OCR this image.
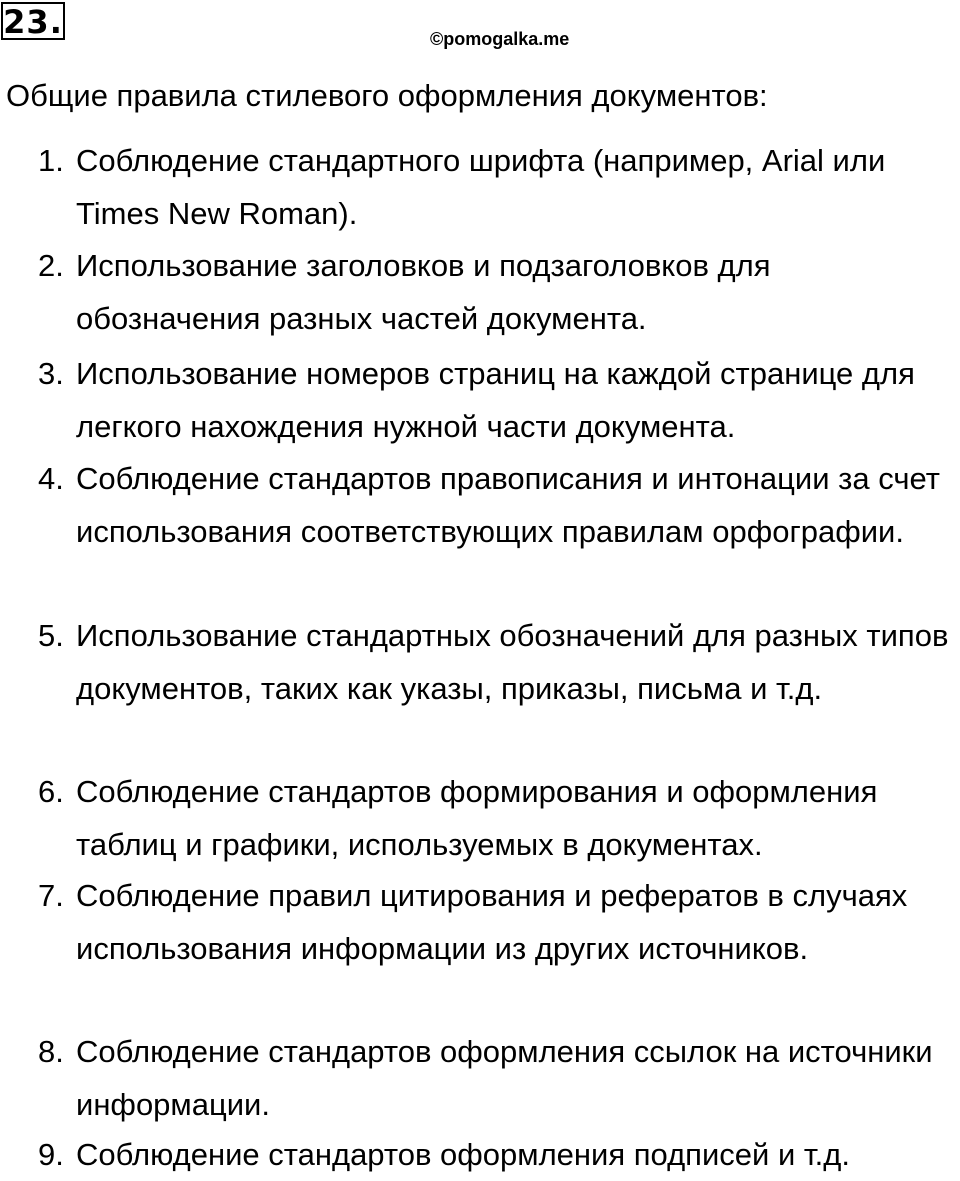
23.	©pomogalka.me
Общие правила стилевого оформления документов:
1. Соблюдение стандартного шрифта (например, Arial или Times New Roman).
2. Использование заголовков и подзаголовков для обозначения разных частей документа.
3. Использование номеров страниц на каждой странице для легкого нахождения нужной части документа.
4. Соблюдение стандартов правописания и интонации за счет использования соответствующих правилам орфографии.
5. Использование стандартных обозначений для разных типов документов, таких как указы, приказы, письма и т.д.
6. Соблюдение стандартов формирования и оформления таблиц и графики, используемых в документах.
7. Соблюдение правил цитирования и рефератов в случаях использования информации из других источников.
8. Соблюдение стандартов оформления ссылок на источники информации.
9. Соблюдение стандартов оформления подписей и т.д.
